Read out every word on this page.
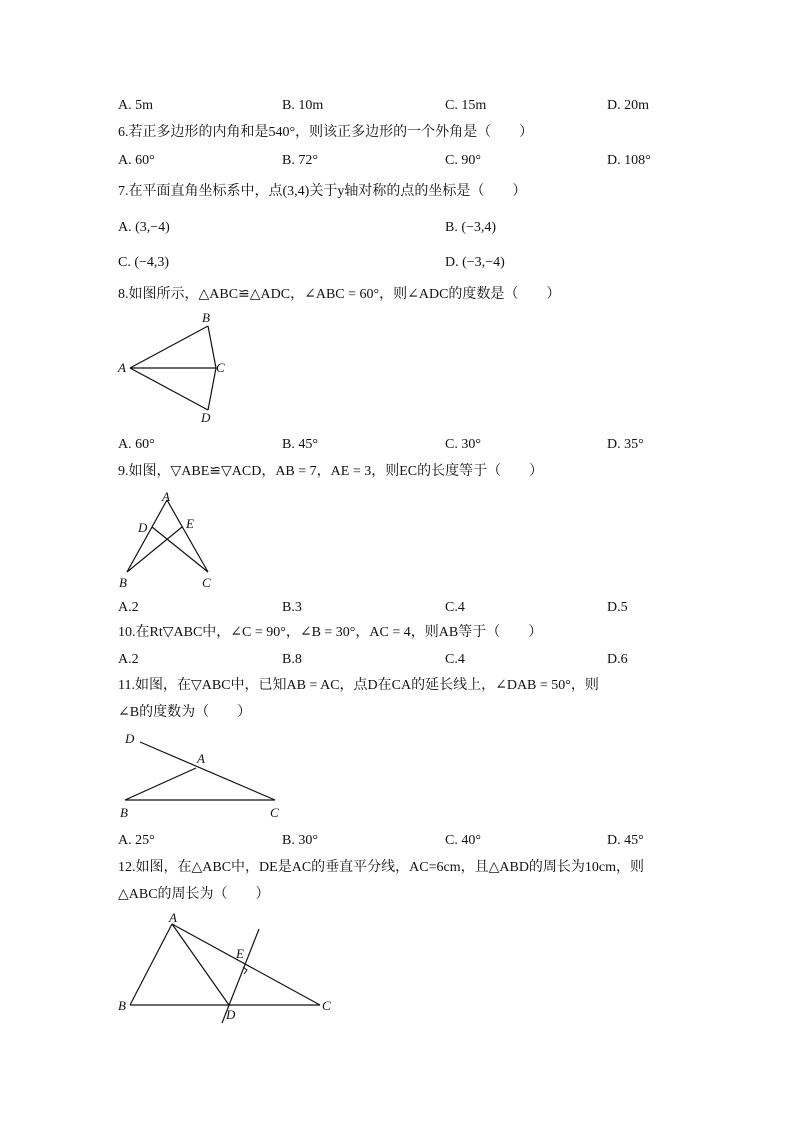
A. 5m	B. 10m	C. 15m	D. 20m
6.若正多边形的内角和是540°，则该正多边形的一个外角是（　　）
A. 60°	B. 72°	C. 90°	D. 108°
7.在平面直角坐标系中，点(3,4)关于y轴对称的点的坐标是（　　）
A. (3,−4)	B. (−3,4)
C. (−4,3)	D. (−3,−4)
8.如图所示，△ABC≌△ADC，∠ABC = 60°，则∠ADC的度数是（　　）
A
B
C
D
A. 60°	B. 45°	C. 30°	D. 35°
9.如图，▽ABE≌▽ACD，AB = 7，AE = 3，则EC的长度等于（　　）
A
D	E
B	C
A.2	B.3	C.4	D.5
10.在Rt▽ABC中，∠C = 90°，∠B = 30°，AC = 4，则AB等于（　　）
A.2	B.8	C.4	D.6
11.如图，在▽ABC中，已知AB = AC，点D在CA的延长线上，∠DAB = 50°，则
∠B的度数为（　　）
D
A
B	C
A. 25°	B. 30°	C. 40°	D. 45°
12.如图，在△ABC中，DE是AC的垂直平分线，AC=6cm，且△ABD的周长为10cm，则
△ABC的周长为（　　）
A
E
B
D
C
